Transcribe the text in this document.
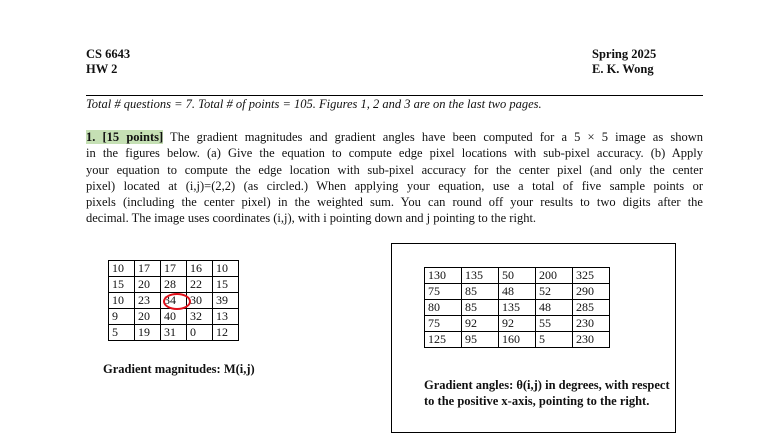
CS 6643
HW 2
Spring 2025
E. K. Wong
Total # questions = 7. Total # of points = 105. Figures 1, 2 and 3 are on the last two pages.
1. [15 points] The gradient magnitudes and gradient angles have been computed for a 5 × 5 image as shown
in the figures below. (a) Give the equation to compute edge pixel locations with sub-pixel accuracy. (b) Apply
your equation to compute the edge location with sub-pixel accuracy for the center pixel (and only the center
pixel) located at (i,j)=(2,2) (as circled.) When applying your equation, use a total of five sample points or
pixels (including the center pixel) in the weighted sum. You can round off your results to two digits after the
decimal. The image uses coordinates (i,j), with i pointing down and j pointing to the right.
10	17	17	16	10
15	20	28	22	15
10	23	34	30	39
9	20	40	32	13
5	19	31	0	12
Gradient magnitudes: M(i,j)
130	135	50	200	325
75	85	48	52	290
80	85	135	48	285
75	92	92	55	230
125	95	160	5	230
Gradient angles: θ(i,j) in degrees, with respect to the positive x-axis, pointing to the right.
